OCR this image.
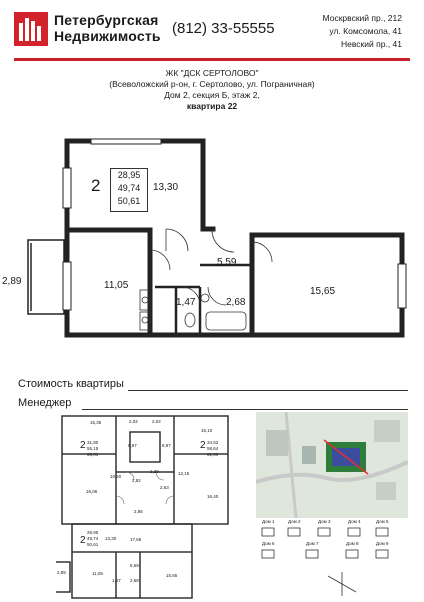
Петербургская
Недвижимость (812) 33-55555
Москрвский пр., 212
ул. Комсомола, 41
Невский пр., 41
ЖК "ДСК СЕРТОЛОВО"
(Всеволожский р-он, г. Сертолово, ул. Пограничная)
Дом 2, секция Б, этаж 2,
квартира 22
2
28,95
49,74
50,61
13,30
11,05
15,65
2,89
5,59
1,47	2,68
Стоимость квартиры
Менеджер
15,35	2,02	2,02
16,10
8,97	8,97
2 31,80
55,15
56,01
2 34,52
58,64
61,00
1,29	12,15
10,40
2,82
2,63
16,06
16,40
2,86
2
28,95
49,74
50,61
13,30	17,66
5,59
2,89	11,05	15,65
1,47 2,68
Дом 1	Дом 2	Дом 3	Дом 4	Дом 5
Дом 6	Дом 7	Дом 8	Дом 9
